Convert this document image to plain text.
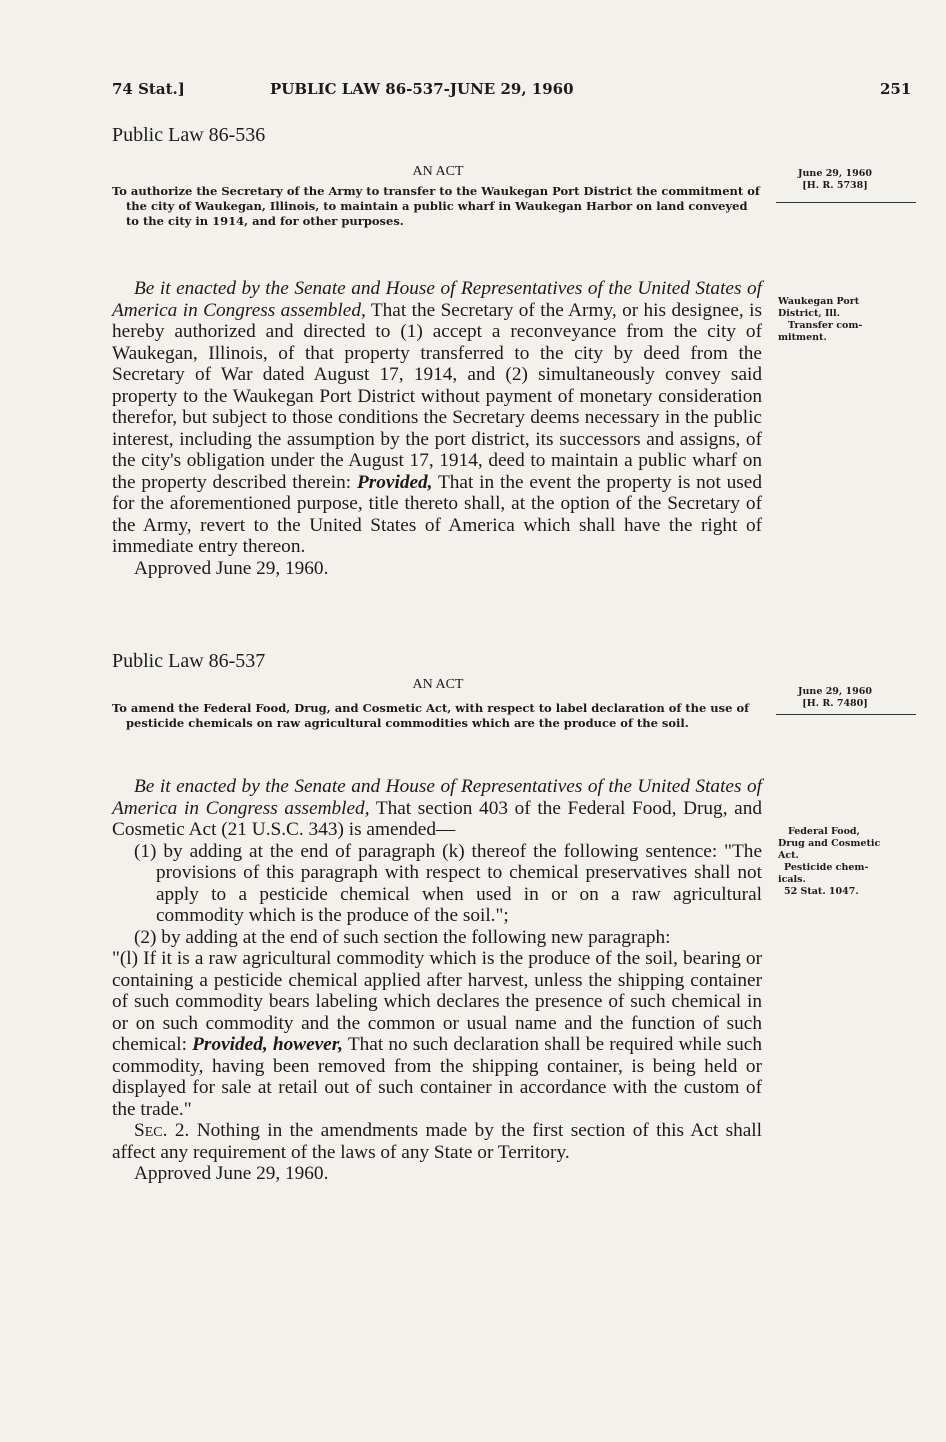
74 Stat.]	PUBLIC LAW 86-537-JUNE 29, 1960	251
Public Law 86-536
AN ACT
To authorize the Secretary of the Army to transfer to the Waukegan Port District the commitment of the city of Waukegan, Illinois, to maintain a public wharf in Waukegan Harbor on land conveyed to the city in 1914, and for other purposes.
June 29, 1960
[H. R. 5738]

Be it enacted by the Senate and House of Representatives of the United States of America in Congress assembled, That the Secretary of the Army, or his designee, is hereby authorized and directed to (1) accept a reconveyance from the city of Waukegan, Illinois, of that property transferred to the city by deed from the Secretary of War dated August 17, 1914, and (2) simultaneously convey said property to the Waukegan Port District without payment of monetary consideration therefor, but subject to those conditions the Secretary deems necessary in the public interest, including the assumption by the port district, its successors and assigns, of the city's obligation under the August 17, 1914, deed to maintain a public wharf on the property described therein: Provided, That in the event the property is not used for the aforementioned purpose, title thereto shall, at the option of the Secretary of the Army, revert to the United States of America which shall have the right of immediate entry thereon.

Approved June 29, 1960.

Waukegan Port
District, Ill.
Transfer com-
mitment.
Public Law 86-537
AN ACT
To amend the Federal Food, Drug, and Cosmetic Act, with respect to label declaration of the use of pesticide chemicals on raw agricultural commodities which are the produce of the soil.
June 29, 1960
[H. R. 7480]

Be it enacted by the Senate and House of Representatives of the United States of America in Congress assembled, That section 403 of the Federal Food, Drug, and Cosmetic Act (21 U.S.C. 343) is amended—

(1) by adding at the end of paragraph (k) thereof the following sentence: "The provisions of this paragraph with respect to chemical preservatives shall not apply to a pesticide chemical when used in or on a raw agricultural commodity which is the produce of the soil.";

(2) by adding at the end of such section the following new paragraph:

"(l) If it is a raw agricultural commodity which is the produce of the soil, bearing or containing a pesticide chemical applied after harvest, unless the shipping container of such commodity bears labeling which declares the presence of such chemical in or on such commodity and the common or usual name and the function of such chemical: Provided, however, That no such declaration shall be required while such commodity, having been removed from the shipping container, is being held or displayed for sale at retail out of such container in accordance with the custom of the trade."

Sec. 2. Nothing in the amendments made by the first section of this Act shall affect any requirement of the laws of any State or Territory.

Approved June 29, 1960.

Federal Food,
Drug and Cosmetic
Act.
Pesticide chem-
icals.
52 Stat. 1047.
